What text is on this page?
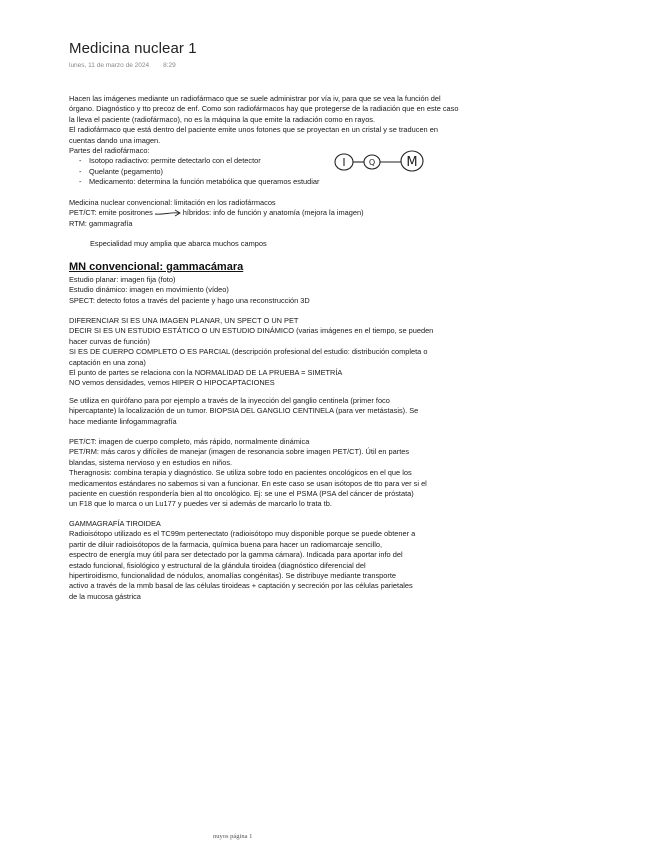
Medicina nuclear 1
lunes, 11 de marzo de 2024 8:29

Hacen las imágenes mediante un radiofármaco que se suele administrar por vía iv, para que se vea la función del

órgano. Diagnóstico y tto precoz de enf. Como son radiofármacos hay que protegerse de la radiación que en este caso

la lleva el paciente (radiofármaco), no es la máquina la que emite la radiación como en rayos.

El radiofármaco que está dentro del paciente emite unos fotones que se proyectan en un cristal y se traducen en

cuentas dando una imagen.

Partes del radiofármaco:

- Isotopo radiactivo: permite detectarlo con el detector
- Quelante (pegamento)
- Medicamento: determina la función metabólica que queramos estudiar
I	Q M

Medicina nuclear convencional: limitación en los radiofármacos

PET/CT: emite positrones	híbridos: info de función y anatomía (mejora la imagen)

RTM: gammagrafía

Especialidad muy amplia que abarca muchos campos

MN convencional: gammacámara

Estudio planar: imagen fija (foto)

Estudio dinámico: imagen en movimiento (vídeo)

SPECT: detecto fotos a través del paciente y hago una reconstrucción 3D

DIFERENCIAR SI ES UNA IMAGEN PLANAR, UN SPECT O UN PET

DECIR SI ES UN ESTUDIO ESTÁTICO O UN ESTUDIO DINÁMICO (varias imágenes en el tiempo, se pueden

hacer curvas de función)

SI ES DE CUERPO COMPLETO O ES PARCIAL (descripción profesional del estudio: distribución completa o

captación en una zona)

El punto de partes se relaciona con la NORMALIDAD DE LA PRUEBA = SIMETRÍA

NO vemos densidades, vemos HIPER O HIPOCAPTACIONES

Se utiliza en quirófano para por ejemplo a través de la inyección del ganglio centinela (primer foco

hipercaptante) la localización de un tumor. BIOPSIA DEL GANGLIO CENTINELA (para ver metástasis). Se

hace mediante linfogammagrafía

PET/CT: imagen de cuerpo completo, más rápido, normalmente dinámica

PET/RM: más caros y difíciles de manejar (imagen de resonancia sobre imagen PET/CT). Útil en partes

blandas, sistema nervioso y en estudios en niños.

Theragnosis: combina terapia y diagnóstico. Se utiliza sobre todo en pacientes oncológicos en el que los

medicamentos estándares no sabemos si van a funcionar. En este caso se usan isótopos de tto para ver si el

paciente en cuestión respondería bien al tto oncológico. Ej: se une el PSMA (PSA del cáncer de próstata)

un F18 que lo marca o un Lu177 y puedes ver si además de marcarlo lo trata tb.

GAMMAGRAFÍA TIROIDEA

Radioisótopo utilizado es el TC99m pertenectato (radioisótopo muy disponible porque se puede obtener a

partir de diluir radioisótopos de la farmacia, química buena para hacer un radiomarcaje sencillo,

espectro de energía muy útil para ser detectado por la gamma cámara). Indicada para aportar info del

estado funcional, fisiológico y estructural de la glándula tiroidea (diagnóstico diferencial del

hipertiroidismo, funcionalidad de nódulos, anomalías congénitas). Se distribuye mediante transporte

activo a través de la mmb basal de las células tiroideas + captación y secreción por las células parietales

de la mucosa gástrica

nuyos página 1
